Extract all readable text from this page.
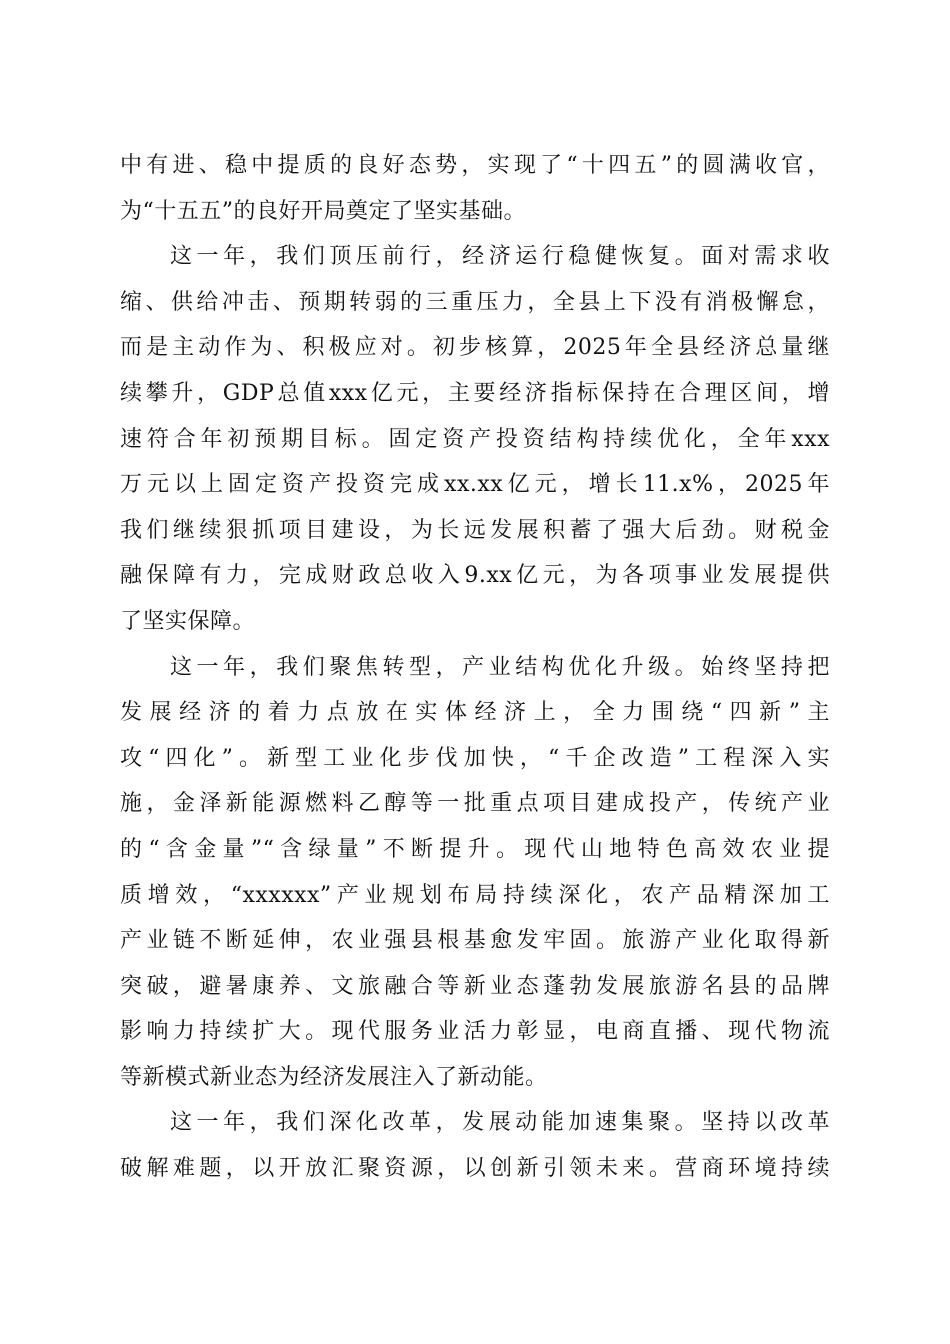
中有进、稳中提质的良好态势，实现了“十四五”的圆满收官，
为“十五五”的良好开局奠定了坚实基础。
这一年，我们顶压前行，经济运行稳健恢复。面对需求收
缩、供给冲击、预期转弱的三重压力，全县上下没有消极懈怠，
而是主动作为、积极应对。初步核算，2025年全县经济总量继
续攀升，GDP总值xxx亿元，主要经济指标保持在合理区间，增
速符合年初预期目标。固定资产投资结构持续优化，全年xxx
万元以上固定资产投资完成xx.xx亿元，增长11.x%，2025年
我们继续狠抓项目建设，为长远发展积蓄了强大后劲。财税金
融保障有力，完成财政总收入9.xx亿元，为各项事业发展提供
了坚实保障。
这一年，我们聚焦转型，产业结构优化升级。始终坚持把
发展经济的着力点放在实体经济上，全力围绕“四新”主
攻“四化”。新型工业化步伐加快，“千企改造”工程深入实
施，金泽新能源燃料乙醇等一批重点项目建成投产，传统产业
的“含金量”“含绿量”不断提升。现代山地特色高效农业提
质增效，“xxxxxx”产业规划布局持续深化，农产品精深加工
产业链不断延伸，农业强县根基愈发牢固。旅游产业化取得新
突破，避暑康养、文旅融合等新业态蓬勃发展旅游名县的品牌
影响力持续扩大。现代服务业活力彰显，电商直播、现代物流
等新模式新业态为经济发展注入了新动能。
这一年，我们深化改革，发展动能加速集聚。坚持以改革
破解难题，以开放汇聚资源，以创新引领未来。营商环境持续
